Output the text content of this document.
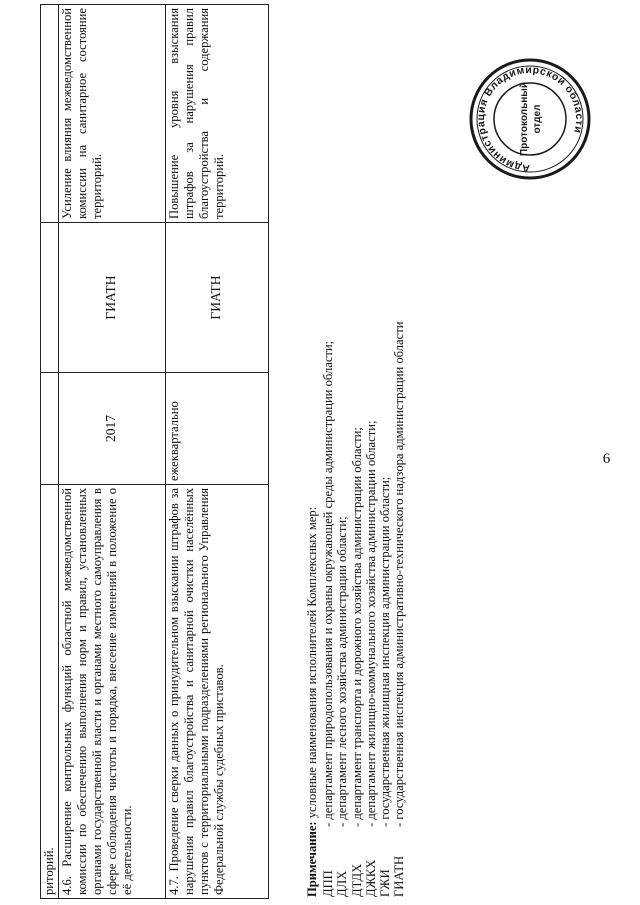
6
риторий.			
4.6. Расширение контрольных функций областной межведомственной комиссии по обеспечению выполнения норм и правил, установленных органами государственной власти и органами местного самоуправления в сфере соблюдения чистоты и порядка, внесение изменений в положение о её деятельности.	2017	ГИАТН	Усиление влияния межведомственной комиссии на санитарное состояние территорий.
4.7. Проведение сверки данных о принудительном взыскании штрафов за нарушения правил благоустройства и санитарной очистки населённых пунктов с территориальными подразделениями регионального Управления Федеральной службы судебных приставов.	ежеквартально	ГИАТН	Повышение уровня взыскания штрафов за нарушения правил благоустройства и содержания территорий.
Примечание: условные наименования исполнителей Комплексных мер:
ДПП
- департамент природопользования и охраны окружающей среды администрации области;
ДЛХ
- департамент лесного хозяйства администрации области;
ДТДХ
- департамент транспорта и дорожного хозяйства администрации области;
ДЖКХ
- департамент жилищно-коммунального хозяйства администрации области;
ГЖИ
- государственная жилищная инспекция администрации области;
ГИАТН
- государственная инспекция административно-технического надзора администрации области
Администрация Владимирской области
Протокольный отдел
